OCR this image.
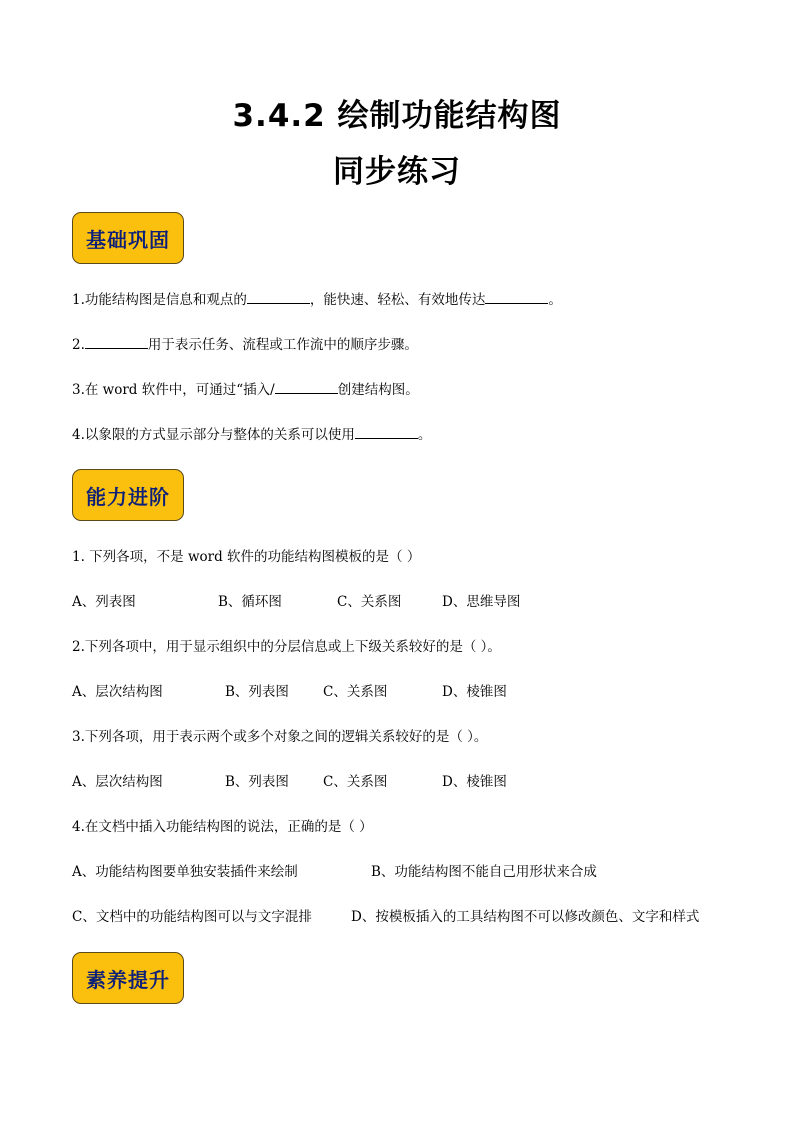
3.4.2 绘制功能结构图
同步练习
基础巩固
1.功能结构图是信息和观点的	，能快速、轻松、有效地传达	。
2.	用于表示任务、流程或工作流中的顺序步骤。
3.在 word 软件中，可通过“插入/	创建结构图。
4.以象限的方式显示部分与整体的关系可以使用	。
能力进阶
1. 下列各项，不是 word 软件的功能结构图模板的是（ ）
A、列表图	B、循环图	C、关系图	D、思维导图
2.下列各项中，用于显示组织中的分层信息或上下级关系较好的是（ ）。
A、层次结构图	B、列表图	C、关系图	D、棱锥图
3.下列各项，用于表示两个或多个对象之间的逻辑关系较好的是（ ）。
A、层次结构图	B、列表图	C、关系图	D、棱锥图
4.在文档中插入功能结构图的说法，正确的是（ ）
A、功能结构图要单独安装插件来绘制	B、功能结构图不能自己用形状来合成
C、文档中的功能结构图可以与文字混排	D、按模板插入的工具结构图不可以修改颜色、文字和样式
素养提升
